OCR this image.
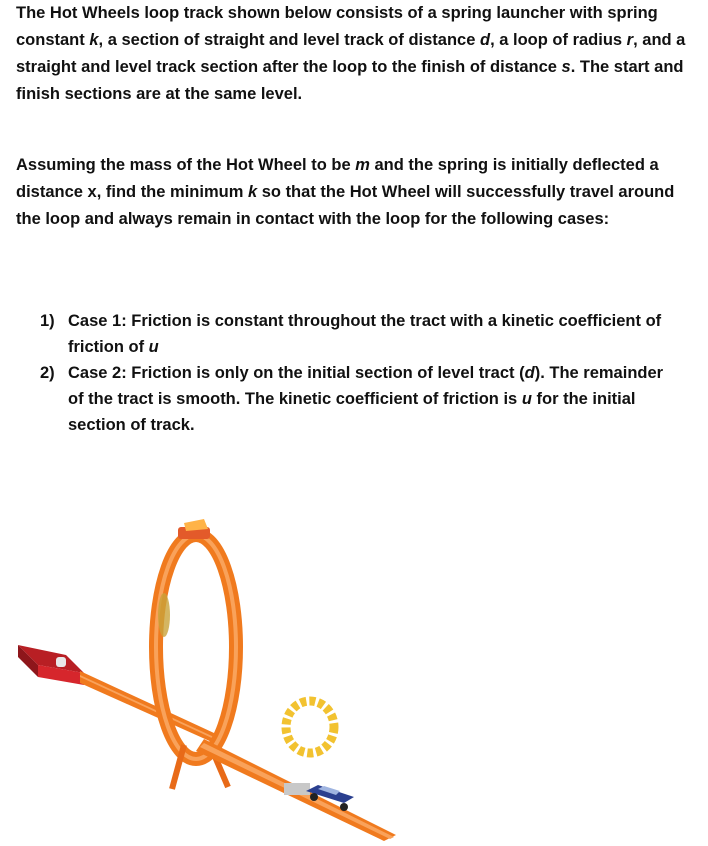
The Hot Wheels loop track shown below consists of a spring launcher with spring constant k, a section of straight and level track of distance d, a loop of radius r, and a straight and level track section after the loop to the finish of distance s. The start and finish sections are at the same level.

Assuming the mass of the Hot Wheel to be m and the spring is initially deflected a distance x, find the minimum k so that the Hot Wheel will successfully travel around the loop and always remain in contact with the loop for the following cases:

1) Case 1: Friction is constant throughout the tract with a kinetic coefficient of friction of u
2) Case 2: Friction is only on the initial section of level tract (d). The remainder of the tract is smooth. The kinetic coefficient of friction is u for the initial section of track.
